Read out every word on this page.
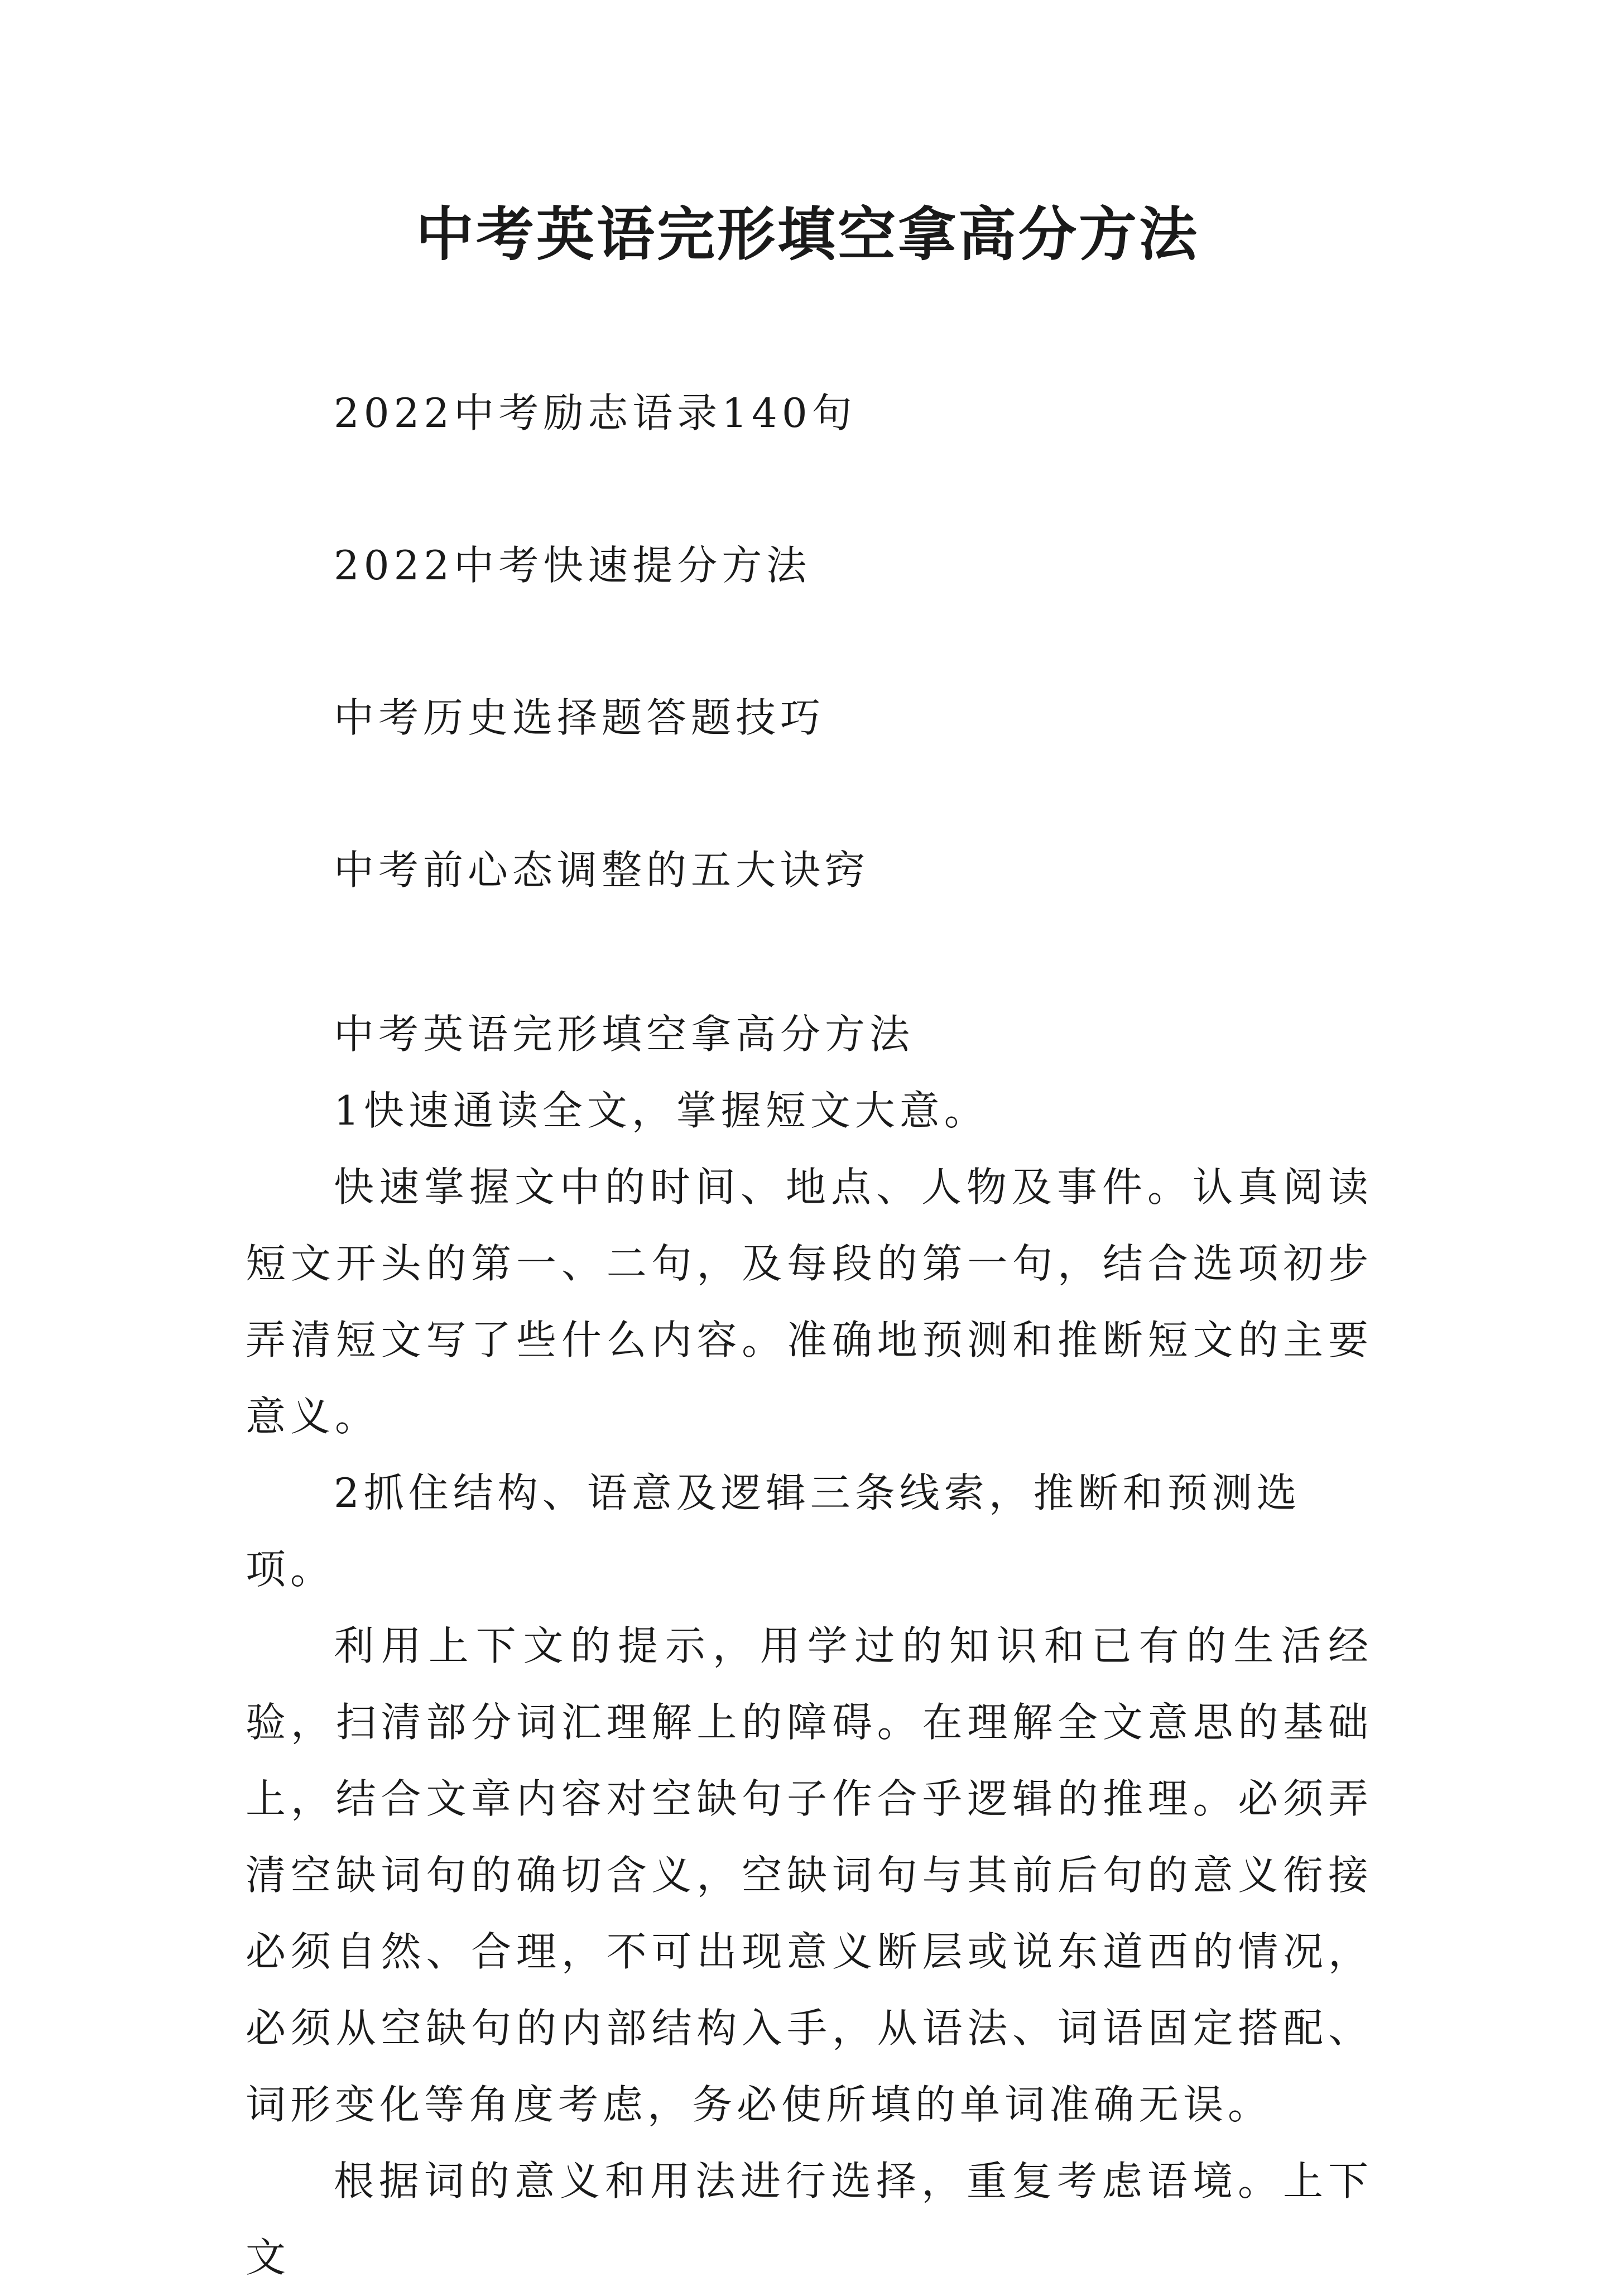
中考英语完形填空拿高分方法
2022中考励志语录140句
2022中考快速提分方法
中考历史选择题答题技巧
中考前心态调整的五大诀窍

中考英语完形填空拿高分方法

1快速通读全文，掌握短文大意。

快速掌握文中的时间、地点、人物及事件。认真阅读短文开头的第一、二句，及每段的第一句，结合选项初步弄清短文写了些什么内容。准确地预测和推断短文的主要意义。

2抓住结构、语意及逻辑三条线索，推断和预测选项。

利用上下文的提示，用学过的知识和已有的生活经验，扫清部分词汇理解上的障碍。在理解全文意思的基础上，结合文章内容对空缺句子作合乎逻辑的推理。必须弄清空缺词句的确切含义，空缺词句与其前后句的意义衔接必须自然、合理，不可出现意义断层或说东道西的情况，必须从空缺句的内部结构入手，从语法、词语固定搭配、词形变化等角度考虑，务必使所填的单词准确无误。

根据词的意义和用法进行选择，重复考虑语境。上下文
